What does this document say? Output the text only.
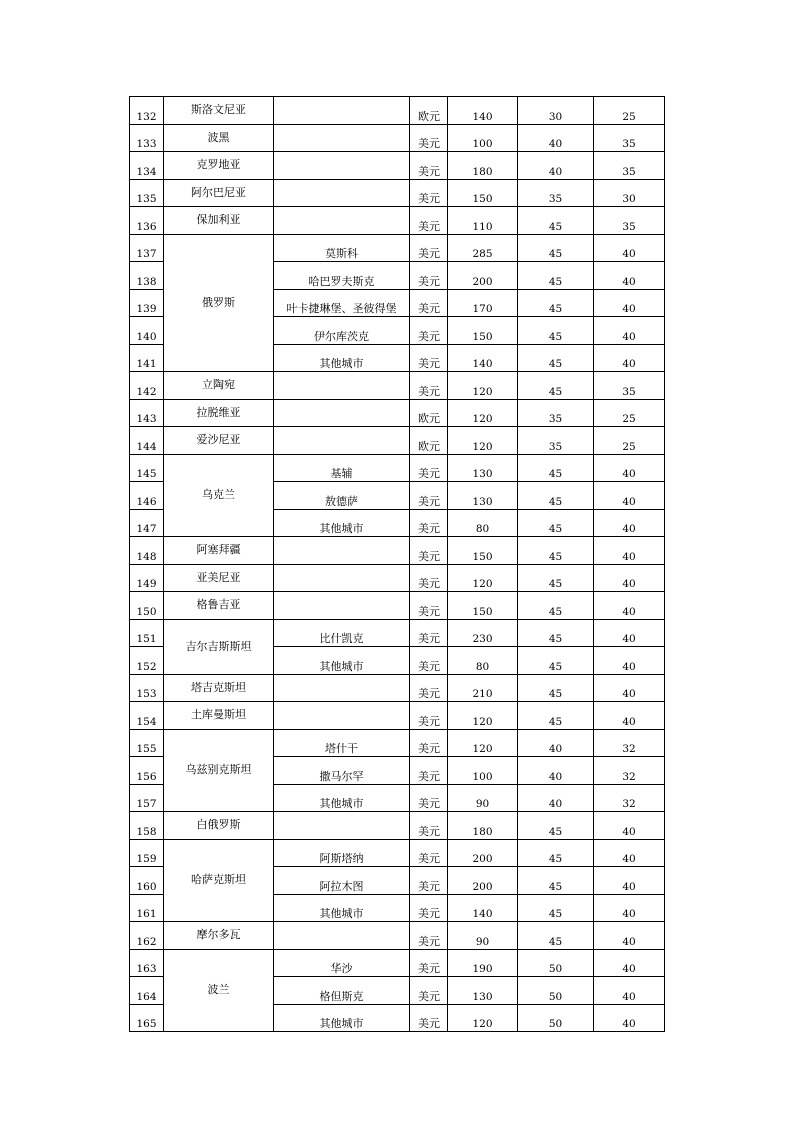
132	斯洛文尼亚		欧元	140	30	25
133	波黑		美元	100	40	35
134	克罗地亚		美元	180	40	35
135	阿尔巴尼亚		美元	150	35	30
136	保加利亚		美元	110	45	35
137	俄罗斯	莫斯科	美元	285	45	40
138		哈巴罗夫斯克	美元	200	45	40
139		叶卡捷琳堡、圣彼得堡	美元	170	45	40
140		伊尔库茨克	美元	150	45	40
141		其他城市	美元	140	45	40
142	立陶宛		美元	120	45	35
143	拉脱维亚		欧元	120	35	25
144	爱沙尼亚		欧元	120	35	25
145	乌克兰	基辅	美元	130	45	40
146		敖德萨	美元	130	45	40
147		其他城市	美元	80	45	40
148	阿塞拜疆		美元	150	45	40
149	亚美尼亚		美元	120	45	40
150	格鲁吉亚		美元	150	45	40
151	吉尔吉斯斯坦	比什凯克	美元	230	45	40
152		其他城市	美元	80	45	40
153	塔吉克斯坦		美元	210	45	40
154	土库曼斯坦		美元	120	45	40
155	乌兹别克斯坦	塔什干	美元	120	40	32
156		撒马尔罕	美元	100	40	32
157		其他城市	美元	90	40	32
158	白俄罗斯		美元	180	45	40
159	哈萨克斯坦	阿斯塔纳	美元	200	45	40
160		阿拉木图	美元	200	45	40
161		其他城市	美元	140	45	40
162	摩尔多瓦		美元	90	45	40
163	波兰	华沙	美元	190	50	40
164		格但斯克	美元	130	50	40
165		其他城市	美元	120	50	40
